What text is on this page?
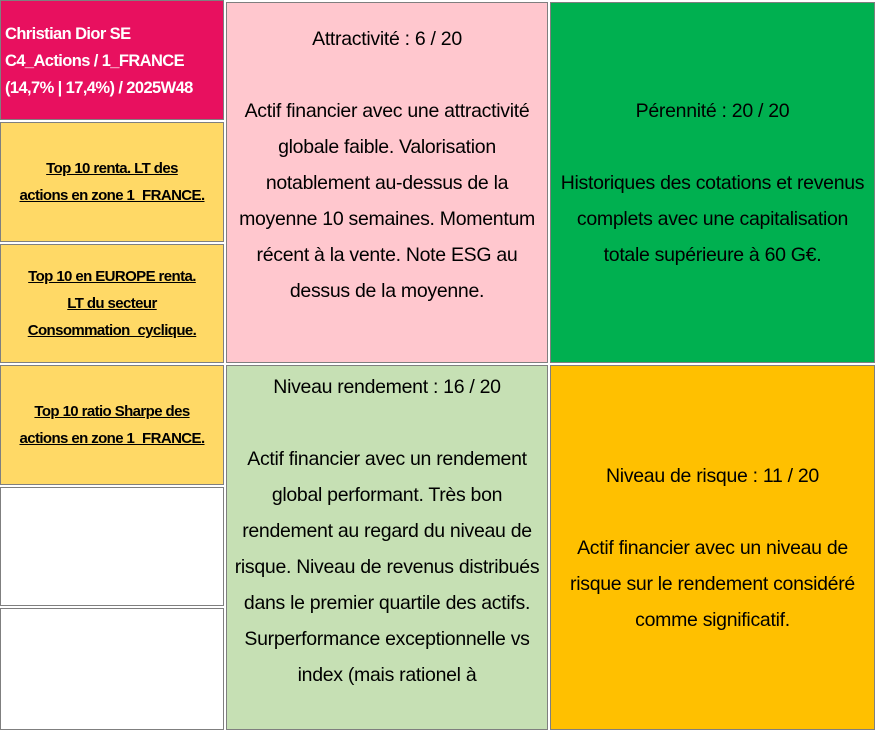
Christian Dior SE
C4_Actions / 1_FRANCE
(14,7% | 17,4%) / 2025W48
Top 10 renta. LT des
actions en zone 1_FRANCE.
Top 10 en EUROPE renta.
LT du secteur
Consommation_cyclique.
Top 10 ratio Sharpe des
actions en zone 1_FRANCE.
Attractivité : 6 / 20
Actif financier avec une attractivité globale faible. Valorisation notablement au-dessus de la moyenne 10 semaines. Momentum récent à la vente. Note ESG au dessus de la moyenne.
Pérennité : 20 / 20
Historiques des cotations et revenus complets avec une capitalisation totale supérieure à 60 G€.
Niveau rendement : 16 / 20
Actif financier avec un rendement global performant. Très bon rendement au regard du niveau de risque. Niveau de revenus distribués dans le premier quartile des actifs. Surperformance exceptionnelle vs index (mais rationel à
Niveau de risque : 11 / 20
Actif financier avec un niveau de risque sur le rendement considéré comme significatif.
